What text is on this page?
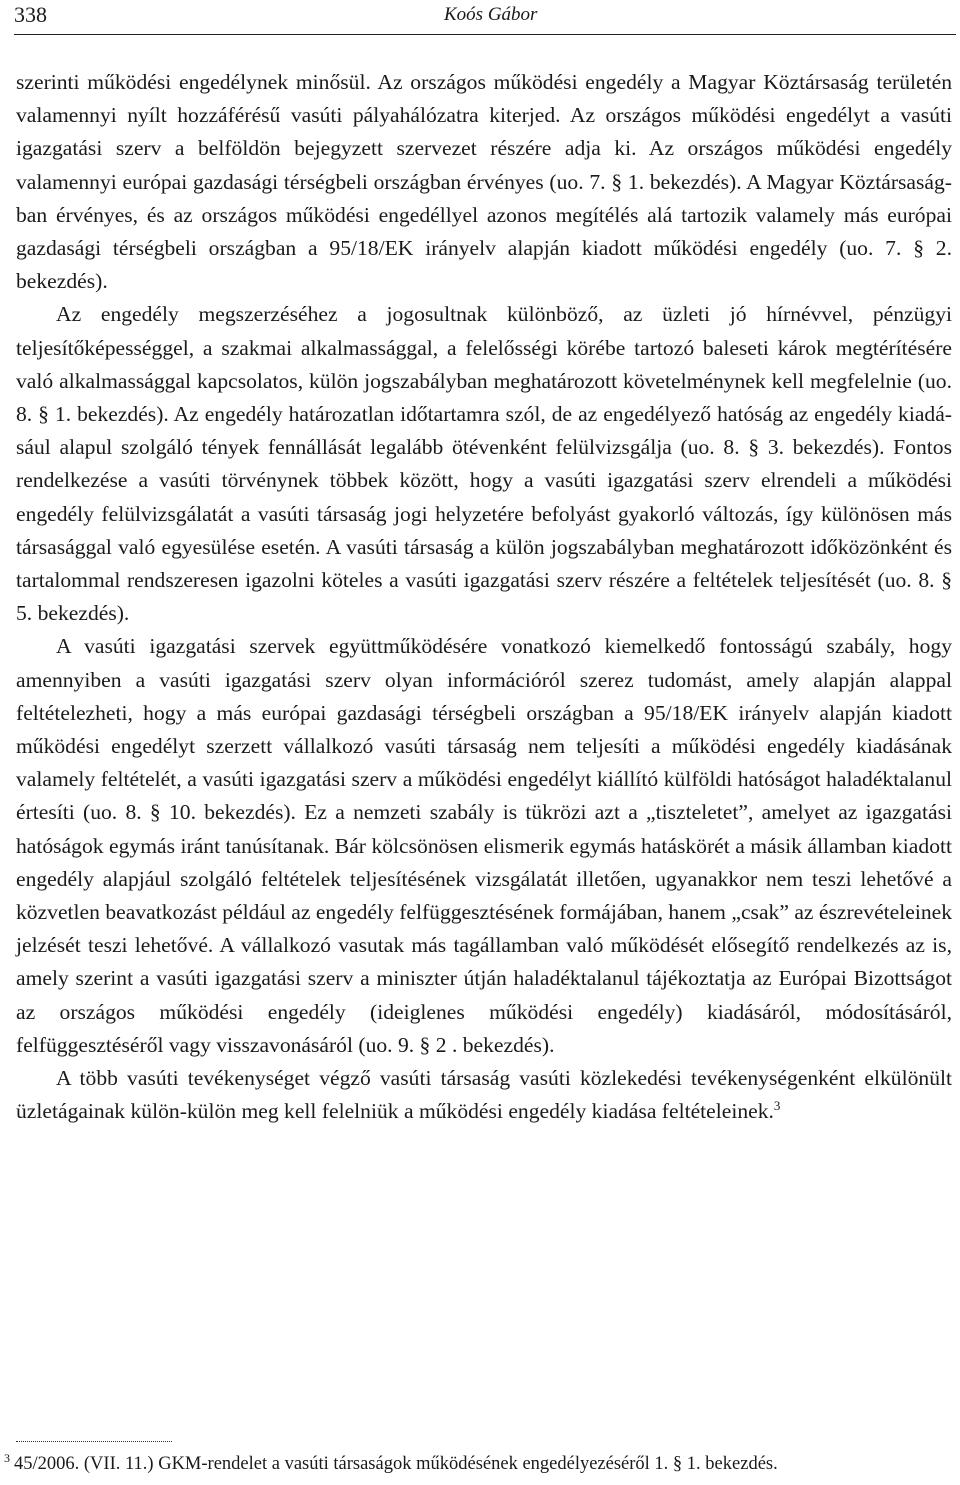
338	Koós Gábor

szerinti működési engedélynek minősül. Az országos működési engedély a Magyar Köztársaság területén valamennyi nyílt hozzáférésű vasúti pályahálózatra kiterjed. Az országos működési engedélyt a vasúti igazgatási szerv a belföldön bejegyzett szervezet részére adja ki. Az országos működési engedély valamennyi európai gazdasági térségbeli országban érvényes (uo. 7. § 1. bekezdés). A Magyar Köztársaságban érvényes, és az országos működési engedéllyel azonos megítélés alá tartozik valamely más európai gazdasági térségbeli országban a 95/18/EK irányelv alapján kiadott működési engedély (uo. 7. § 2. bekezdés).

Az engedély megszerzéséhez a jogosultnak különböző, az üzleti jó hírnévvel, pénzügyi teljesítőképességgel, a szakmai alkalmassággal, a felelősségi körébe tartozó baleseti károk megtérítésére való alkalmassággal kapcsolatos, külön jogszabályban meghatározott követelménynek kell megfelelnie (uo. 8. § 1. bekezdés). Az engedély határozatlan időtartamra szól, de az engedélyező hatóság az engedély kiadásául alapul szolgáló tények fennállását legalább ötévenként felülvizsgálja (uo. 8. § 3. bekezdés). Fontos rendelkezése a vasúti törvénynek többek között, hogy a vasúti igazgatási szerv elrendeli a működési engedély felülvizsgálatát a vasúti társaság jogi helyzetére befolyást gyakorló változás, így különösen más társasággal való egyesülése esetén. A vasúti társaság a külön jogszabályban meghatározott időközönként és tartalommal rendszeresen igazolni köteles a vasúti igazgatási szerv részére a feltételek teljesítését (uo. 8. § 5. bekezdés).

A vasúti igazgatási szervek együttműködésére vonatkozó kiemelkedő fontosságú szabály, hogy amennyiben a vasúti igazgatási szerv olyan információról szerez tudomást, amely alapján alappal feltételezheti, hogy a más európai gazdasági térségbeli országban a 95/18/EK irányelv alapján kiadott működési engedélyt szerzett vállalkozó vasúti társaság nem teljesíti a működési engedély kiadásának valamely feltételét, a vasúti igazgatási szerv a működési engedélyt kiállító külföldi hatóságot haladéktalanul értesíti (uo. 8. § 10. bekezdés). Ez a nemzeti szabály is tükrözi azt a „tiszteletet”, amelyet az igazgatási hatóságok egymás iránt tanúsítanak. Bár kölcsönösen elismerik egymás hatáskörét a másik államban kiadott engedély alapjául szolgáló feltételek teljesítésének vizsgálatát illetően, ugyanakkor nem teszi lehetővé a közvetlen beavatkozást például az engedély felfüggesztésének formájában, hanem „csak” az észrevételeinek jelzését teszi lehetővé. A vállalkozó vasutak más tagállamban való működését elősegítő rendelkezés az is, amely szerint a vasúti igazgatási szerv a miniszter útján haladéktalanul tájékoztatja az Európai Bizottságot az országos működési engedély (ideiglenes működési engedély) kiadásáról, módosításáról, felfüggesztéséről vagy visszavonásáról (uo. 9. § 2 . bekezdés).

A több vasúti tevékenységet végző vasúti társaság vasúti közlekedési tevékenységenként elkülönült üzletágainak külön-külön meg kell felelniük a működési engedély kiadása feltételeinek.$^3$

$^3$ 45/2006. (VII. 11.) GKM-rendelet a vasúti társaságok működésének engedélyezéséről 1. § 1. bekezdés.
